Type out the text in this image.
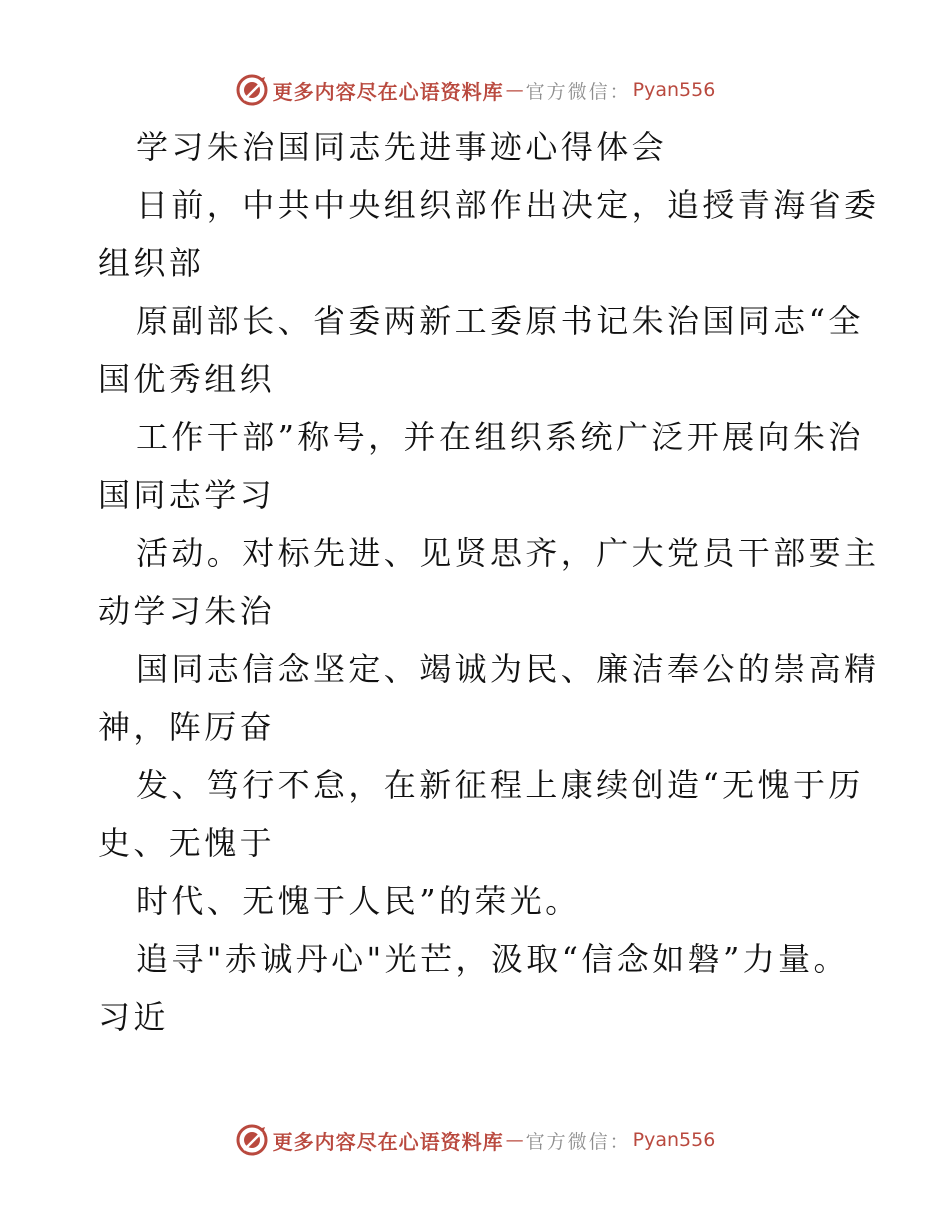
更多内容尽在心语资料库 — 官方微信： Pyan556
学习朱治国同志先进事迹心得体会
日前，中共中央组织部作出决定，追授青海省委
组织部
原副部长、省委两新工委原书记朱治国同志“全
国优秀组织
工作干部”称号，并在组织系统广泛开展向朱治
国同志学习
活动。对标先进、见贤思齐，广大党员干部要主
动学习朱治
国同志信念坚定、竭诚为民、廉洁奉公的崇高精
神，阵厉奋
发、笃行不怠，在新征程上康续创造“无愧于历
史、无愧于
时代、无愧于人民”的荣光。
追寻"赤诚丹心"光芒，汲取“信念如磐”力量。
习近
更多内容尽在心语资料库 — 官方微信： Pyan556
